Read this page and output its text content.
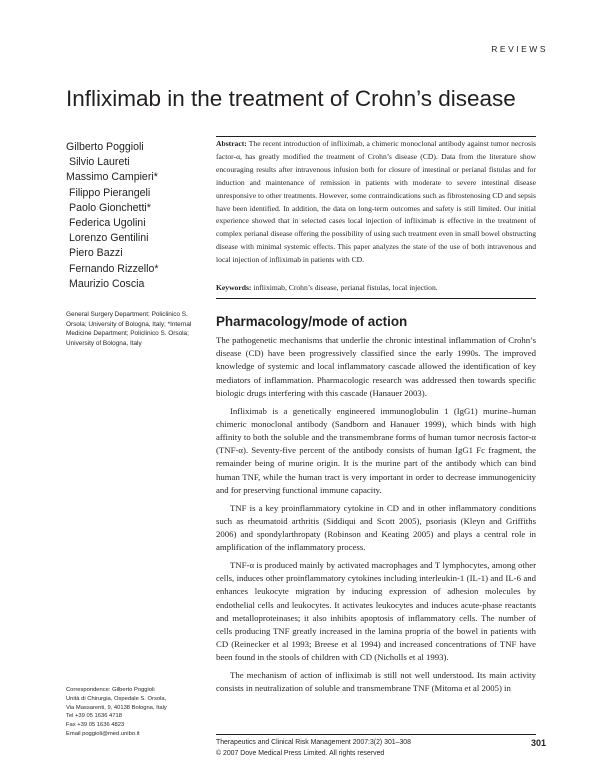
REVIEWS
Infliximab in the treatment of Crohn’s disease
Gilberto Poggioli
Silvio Laureti
Massimo Campieri*
Filippo Pierangeli
Paolo Gionchetti*
Federica Ugolini
Lorenzo Gentilini
Piero Bazzi
Fernando Rizzello*
Maurizio Coscia
General Surgery Department; Policlinico S. Orsola; University of Bologna, Italy; *Internal Medicine Department; Policlinico S. Orsola; University of Bologna, Italy
Correspondence: Gilberto Poggioli
Unità di Chirurgia, Ospedale S. Orsola,
Via Massarenti, 9, 40138 Bologna, Italy
Tel +39 05 1636 4718
Fax +39 05 1636 4823
Email poggioli@med.unibo.it
Abstract: The recent introduction of infliximab, a chimeric monoclonal antibody against tumor necrosis factor-α, has greatly modified the treatment of Crohn’s disease (CD). Data from the literature show encouraging results after intravenous infusion both for closure of intestinal or perianal fistulas and for induction and maintenance of remission in patients with moderate to severe intestinal disease unresponsive to other treatments. However, some contraindications such as fibrostenosing CD and sepsis have been identified. In addition, the data on long-term outcomes and safety is still limited. Our initial experience showed that in selected cases local injection of infliximab is effective in the treatment of complex perianal disease offering the possibility of using such treatment even in small bowel obstructing disease with minimal systemic effects. This paper analyzes the state of the use of both intravenous and local injection of infliximab in patients with CD.
Keywords: infliximab, Crohn’s disease, perianal fistulas, local injection.
Pharmacology/mode of action

The pathogenetic mechanisms that underlie the chronic intestinal inflammation of Crohn’s disease (CD) have been progressively classified since the early 1990s. The improved knowledge of systemic and local inflammatory cascade allowed the identification of key mediators of inflammation. Pharmacologic research was addressed then towards specific biologic drugs interfering with this cascade (Hanauer 2003).

Infliximab is a genetically engineered immunoglobulin 1 (IgG1) murine–human chimeric monoclonal antibody (Sandborn and Hanauer 1999), which binds with high affinity to both the soluble and the transmembrane forms of human tumor necrosis factor-α (TNF-α). Seventy-five percent of the antibody consists of human IgG1 Fc fragment, the remainder being of murine origin. It is the murine part of the antibody which can bind human TNF, while the human tract is very important in order to decrease immunogenicity and for preserving functional immune capacity.

TNF is a key proinflammatory cytokine in CD and in other inflammatory conditions such as rheumatoid arthritis (Siddiqui and Scott 2005), psoriasis (Kleyn and Griffiths 2006) and spondylarthropaty (Robinson and Keating 2005) and plays a central role in amplification of the inflammatory process.

TNF-α is produced mainly by activated macrophages and T lymphocytes, among other cells, induces other proinflammatory cytokines including interleukin-1 (IL-1) and IL-6 and enhances leukocyte migration by inducing expression of adhesion molecules by endothelial cells and leukocytes. It activates leukocytes and induces acute-phase reactants and metalloproteinases; it also inhibits apoptosis of inflammatory cells. The number of cells producing TNF greatly increased in the lamina propria of the bowel in patients with CD (Reinecker et al 1993; Breese et al 1994) and increased concentrations of TNF have been found in the stools of children with CD (Nicholls et al 1993).

The mechanism of action of infliximab is still not well understood. Its main activity consists in neutralization of soluble and transmembrane TNF (Mitoma et al 2005) in

Therapeutics and Clinical Risk Management 2007:3(2) 301–308
© 2007 Dove Medical Press Limited. All rights reserved
301
